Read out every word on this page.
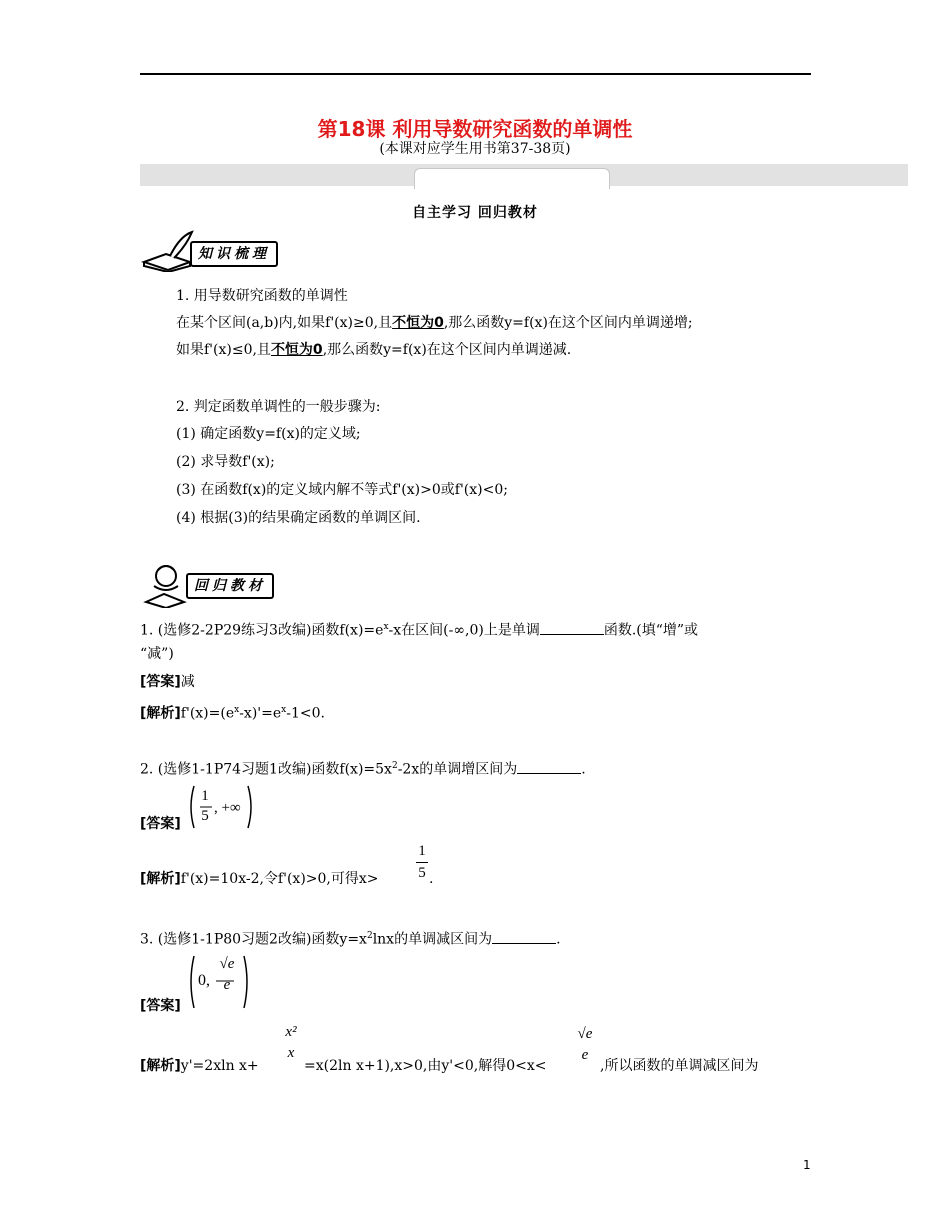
第18课 利用导数研究函数的单调性
(本课对应学生用书第37-38页)
自主学习 回归教材
知识梳理
1. 用导数研究函数的单调性
在某个区间(a,b)内,如果f'(x)≥0,且不恒为0,那么函数y=f(x)在这个区间内单调递增;
如果f'(x)≤0,且不恒为0,那么函数y=f(x)在这个区间内单调递减.
2. 判定函数单调性的一般步骤为:
(1) 确定函数y=f(x)的定义域;
(2) 求导数f'(x);
(3) 在函数f(x)的定义域内解不等式f'(x)>0或f'(x)<0;
(4) 根据(3)的结果确定函数的单调区间.
回归教材
1. (选修2-2P29练习3改编)函数$f(x)=e^x-x$在区间(-∞,0)上是单调	函数.(填“增”或
“减”)
[答案]减
[解析]$f'(x)=(e^x-x)'=e^x-1<0$.
2. (选修1-1P74习题1改编)函数$f(x)=5x^2-2x$的单调增区间为	.
[答案]
1
5 , +∞
[解析]f'(x)=10x-2,令f'(x)>0,可得x>
1
5 .
3. (选修1-1P80习题2改编)函数$y=x^2\ln x$的单调减区间为	.
[答案]
0,
√e
e
[解析]y'=2xln x+
x²
x
=x(2ln x+1),x>0,由y'<0,解得0<x<
√e
e
,所以函数的单调减区间为
1
